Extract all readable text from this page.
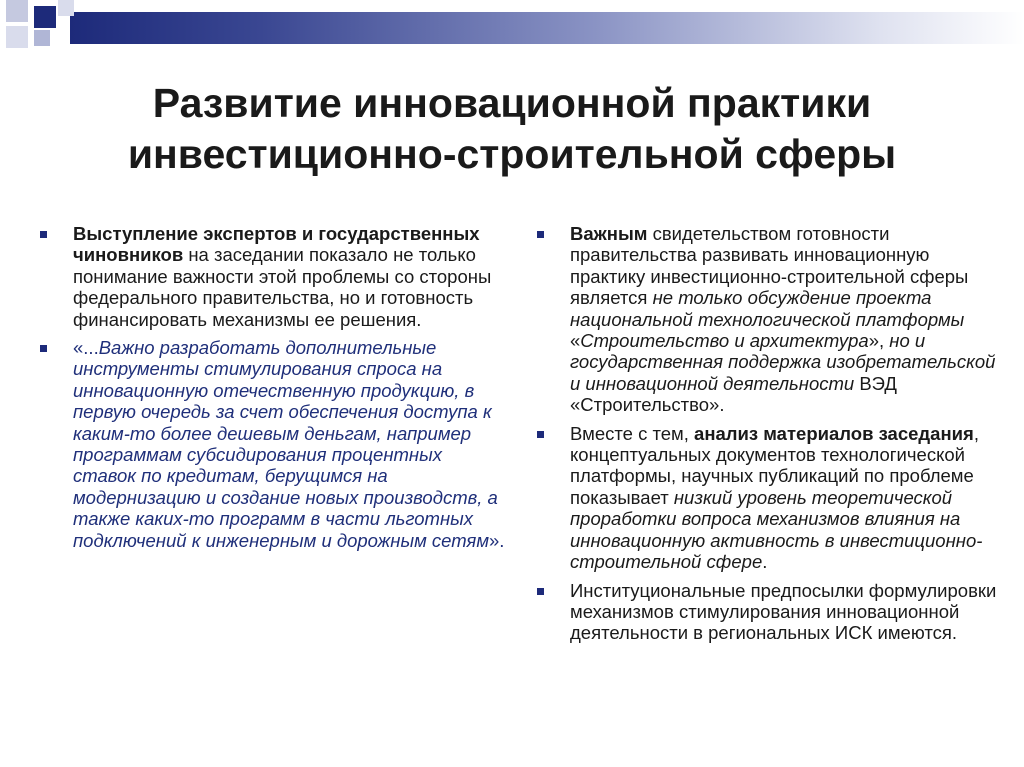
Развитие инновационной практики
инвестиционно-строительной сферы
Выступление экспертов и государственных чиновников на заседании показало не только понимание важности этой проблемы со стороны федерального правительства, но и готовность финансировать механизмы ее решения.
«...Важно разработать дополнительные инструменты стимулирования спроса на инновационную отечественную продукцию, в первую очередь за счет обеспечения доступа к каким-то более дешевым деньгам, например программам субсидирования процентных ставок по кредитам, берущимся на модернизацию и создание новых производств, а также каких-то программ в части льготных подключений к инженерным и дорожным сетям».
Важным свидетельством готовности правительства развивать инновационную практику инвестиционно-строительной сферы является не только обсуждение проекта национальной технологической платформы «Строительство и архитектура», но и государственная поддержка изобретательской и инновационной деятельности ВЭД «Строительство».
Вместе с тем, анализ материалов заседания, концептуальных документов технологической платформы, научных публикаций по проблеме показывает низкий уровень теоретической проработки вопроса механизмов влияния на инновационную активность в инвестиционно-строительной сфере.
Институциональные предпосылки формулировки механизмов стимулирования инновационной деятельности в региональных ИСК имеются.
